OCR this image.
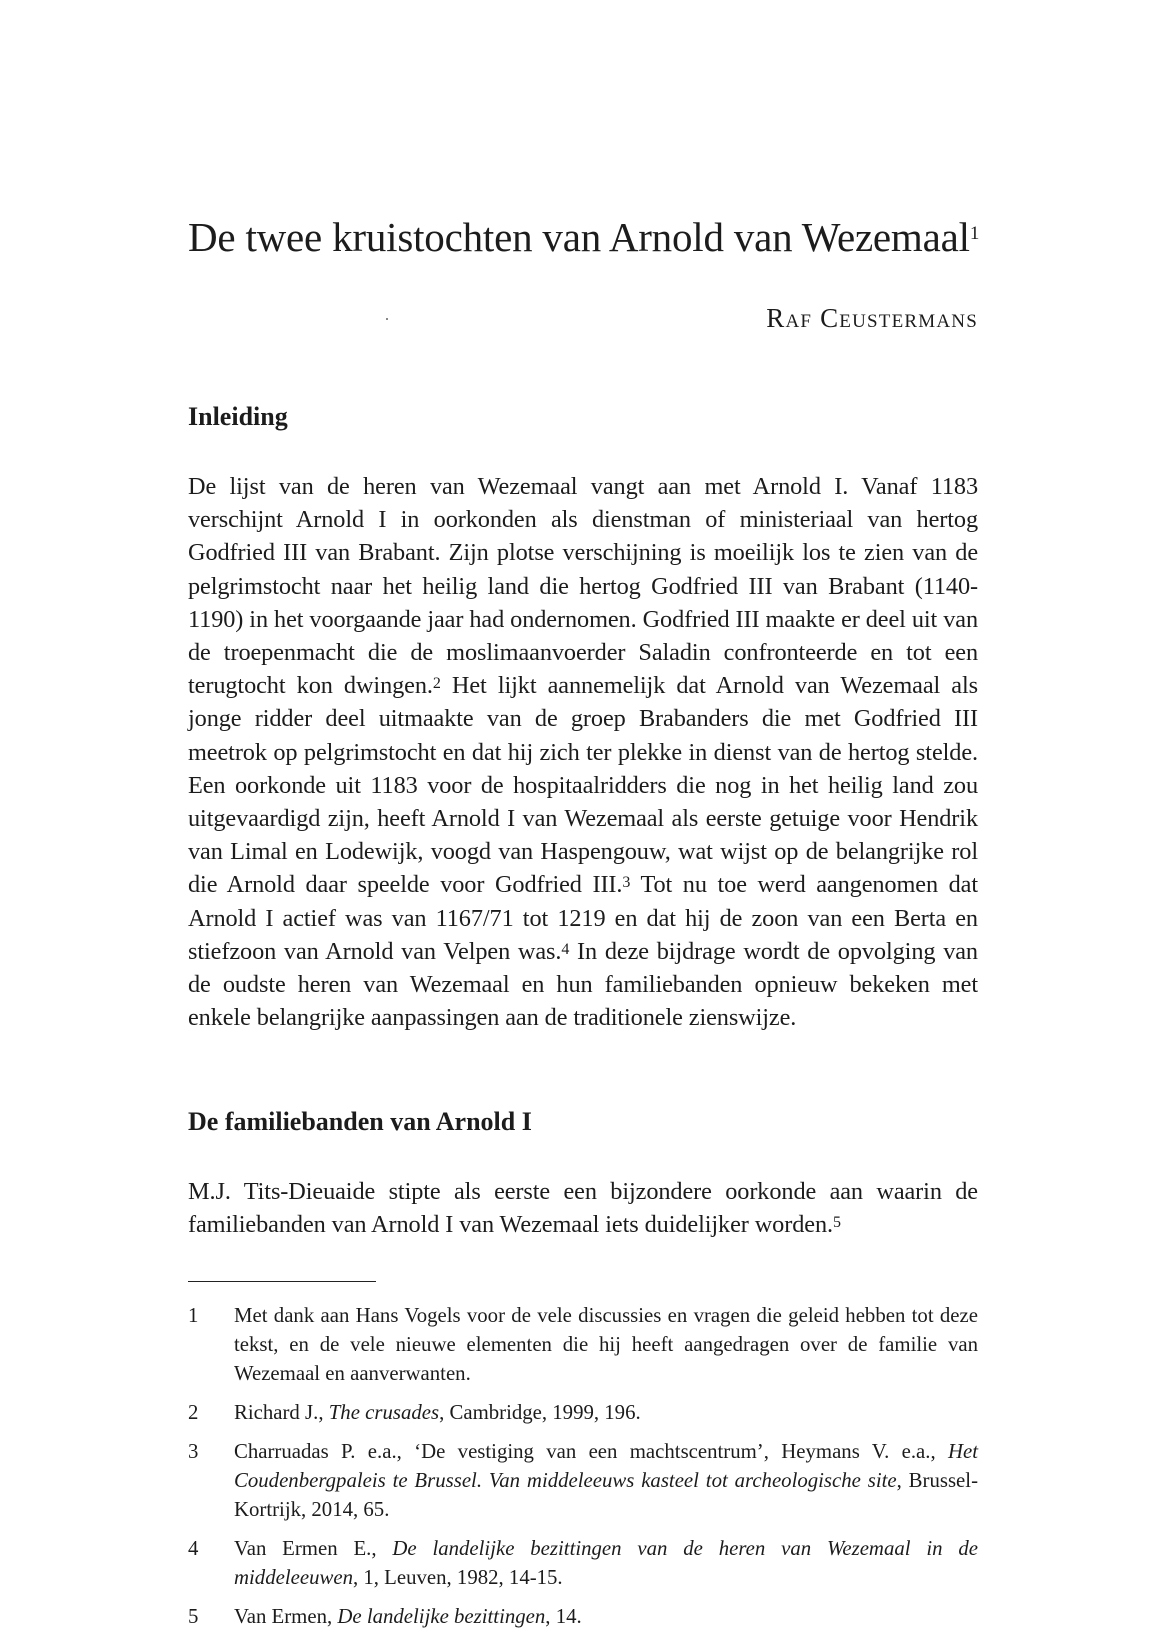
De twee kruistochten van Arnold van Wezemaal$^1$
Raf Ceustermans
Inleiding

De lijst van de heren van Wezemaal vangt aan met Arnold I. Vanaf 1183 verschijnt Arnold I in oorkonden als dienstman of ministeriaal van hertog Godfried III van Brabant. Zijn plotse verschijning is moeilijk los te zien van de pelgrimstocht naar het heilig land die hertog Godfried III van Brabant (1140-1190) in het voorgaande jaar had ondernomen. Godfried III maakte er deel uit van de troepenmacht die de moslimaanvoerder Saladin confronteerde en tot een terugtocht kon dwingen.$^2$ Het lijkt aannemelijk dat Arnold van Wezemaal als jonge ridder deel uitmaakte van de groep Brabanders die met Godfried III meetrok op pelgrimstocht en dat hij zich ter plekke in dienst van de hertog stelde. Een oorkonde uit 1183 voor de hospitaalridders die nog in het heilig land zou uitgevaardigd zijn, heeft Arnold I van Wezemaal als eerste getuige voor Hendrik van Limal en Lodewijk, voogd van Haspengouw, wat wijst op de belangrijke rol die Arnold daar speelde voor Godfried III.$^3$ Tot nu toe werd aangenomen dat Arnold I actief was van 1167/71 tot 1219 en dat hij de zoon van een Berta en stiefzoon van Arnold van Velpen was.$^4$ In deze bijdrage wordt de opvolging van de oudste heren van Wezemaal en hun familiebanden opnieuw bekeken met enkele belangrijke aanpassingen aan de traditionele zienswijze.

De familiebanden van Arnold I

M.J. Tits-Dieuaide stipte als eerste een bijzondere oorkonde aan waarin de familiebanden van Arnold I van Wezemaal iets duidelijker worden.$^5$

1	Met dank aan Hans Vogels voor de vele discussies en vragen die geleid hebben tot deze tekst, en de vele nieuwe elementen die hij heeft aangedragen over de familie van Wezemaal en aanverwanten.
2	Richard J., The crusades, Cambridge, 1999, 196.
3	Charruadas P. e.a., ‘De vestiging van een machtscentrum’, Heymans V. e.a., Het Coudenbergpaleis te Brussel. Van middeleeuws kasteel tot archeologische site, Brussel-Kortrijk, 2014, 65.
4	Van Ermen E., De landelijke bezittingen van de heren van Wezemaal in de middeleeuwen, 1, Leuven, 1982, 14-15.
5	Van Ermen, De landelijke bezittingen, 14.
